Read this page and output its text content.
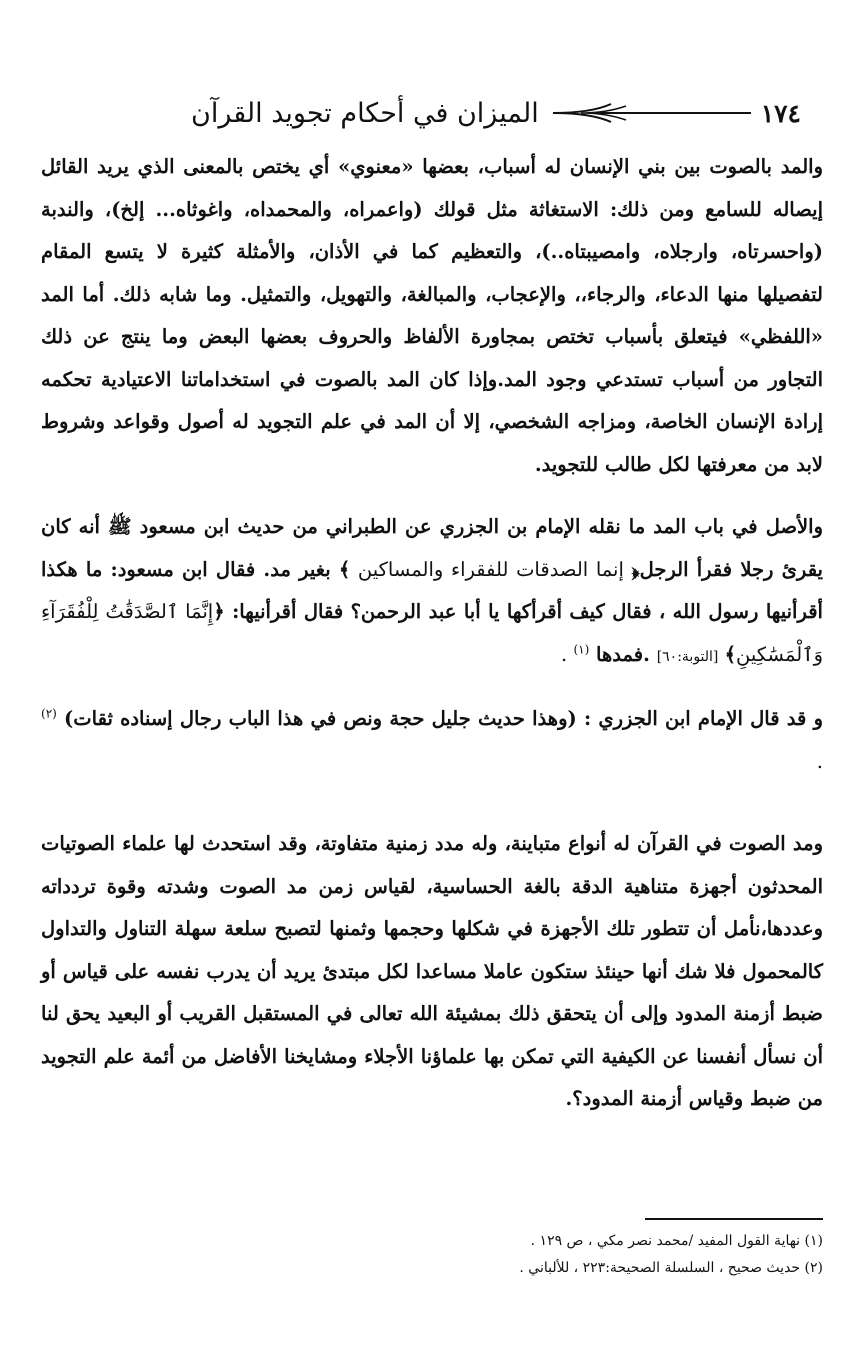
١٧٤
الميزان في أحكام تجويد القرآن

والمد بالصوت بين بني الإنسان له أسباب، بعضها «معنوي» أي يختص بالمعنى الذي يريد القائل إيصاله للسامع ومن ذلك: الاستغاثة مثل قولك (واعمراه، والمحمداه، واغوثاه... إلخ)، والندبة (واحسرتاه، وارجلاه، وامصيبتاه..)، والتعظيم كما في الأذان، والأمثلة كثيرة لا يتسع المقام لتفصيلها منها الدعاء، والرجاء،، والإعجاب، والمبالغة، والتهويل، والتمثيل. وما شابه ذلك. أما المد «اللفظي» فيتعلق بأسباب تختص بمجاورة الألفاظ والحروف بعضها البعض وما ينتج عن ذلك التجاور من أسباب تستدعي وجود المد.وإذا كان المد بالصوت في استخداماتنا الاعتيادية تحكمه إرادة الإنسان الخاصة، ومزاجه الشخصي، إلا أن المد في علم التجويد له أصول وقواعد وشروط لابد من معرفتها لكل طالب للتجويد.

والأصل في باب المد ما نقله الإمام بن الجزري عن الطبراني من حديث ابن مسعود ﷺ أنه كان يقرئ رجلا فقرأ الرجل﴿ إنما الصدقات للفقراء والمساكين ﴾ بغير مد. فقال ابن مسعود: ما هكذا أقرأنيها رسول الله ، فقال كيف أقرأكها يا أبا عبد الرحمن؟ فقال أقرأنيها: ﴿إِنَّمَا ٱلصَّدَقَٰتُ لِلْفُقَرَآءِ وَٱلْمَسَٰكِينِ﴾ [التوبة:٦٠] .فمدها $^{(١)}$ .

و قد قال الإمام ابن الجزري : (وهذا حديث جليل حجة ونص في هذا الباب رجال إسناده ثقات) $^{(٢)}$ .

ومد الصوت في القرآن له أنواع متباينة، وله مدد زمنية متفاوتة، وقد استحدث لها علماء الصوتيات المحدثون أجهزة متناهية الدقة بالغة الحساسية، لقياس زمن مد الصوت وشدته وقوة تردداته وعددها،نأمل أن تتطور تلك الأجهزة في شكلها وحجمها وثمنها لتصبح سلعة سهلة التناول والتداول كالمحمول فلا شك أنها حينئذ ستكون عاملا مساعدا لكل مبتدئ يريد أن يدرب نفسه على قياس أو ضبط أزمنة المدود وإلى أن يتحقق ذلك بمشيئة الله تعالى في المستقبل القريب أو البعيد يحق لنا أن نسأل أنفسنا عن الكيفية التي تمكن بها علماؤنا الأجلاء ومشايخنا الأفاضل من أئمة علم التجويد من ضبط وقياس أزمنة المدود؟.

(١) نهاية القول المفيد /محمد نصر مكي ، ص ١٢٩ .
(٢) حديث صحيح ، السلسلة الصحيحة:٢٢٣ ، للألباني .
